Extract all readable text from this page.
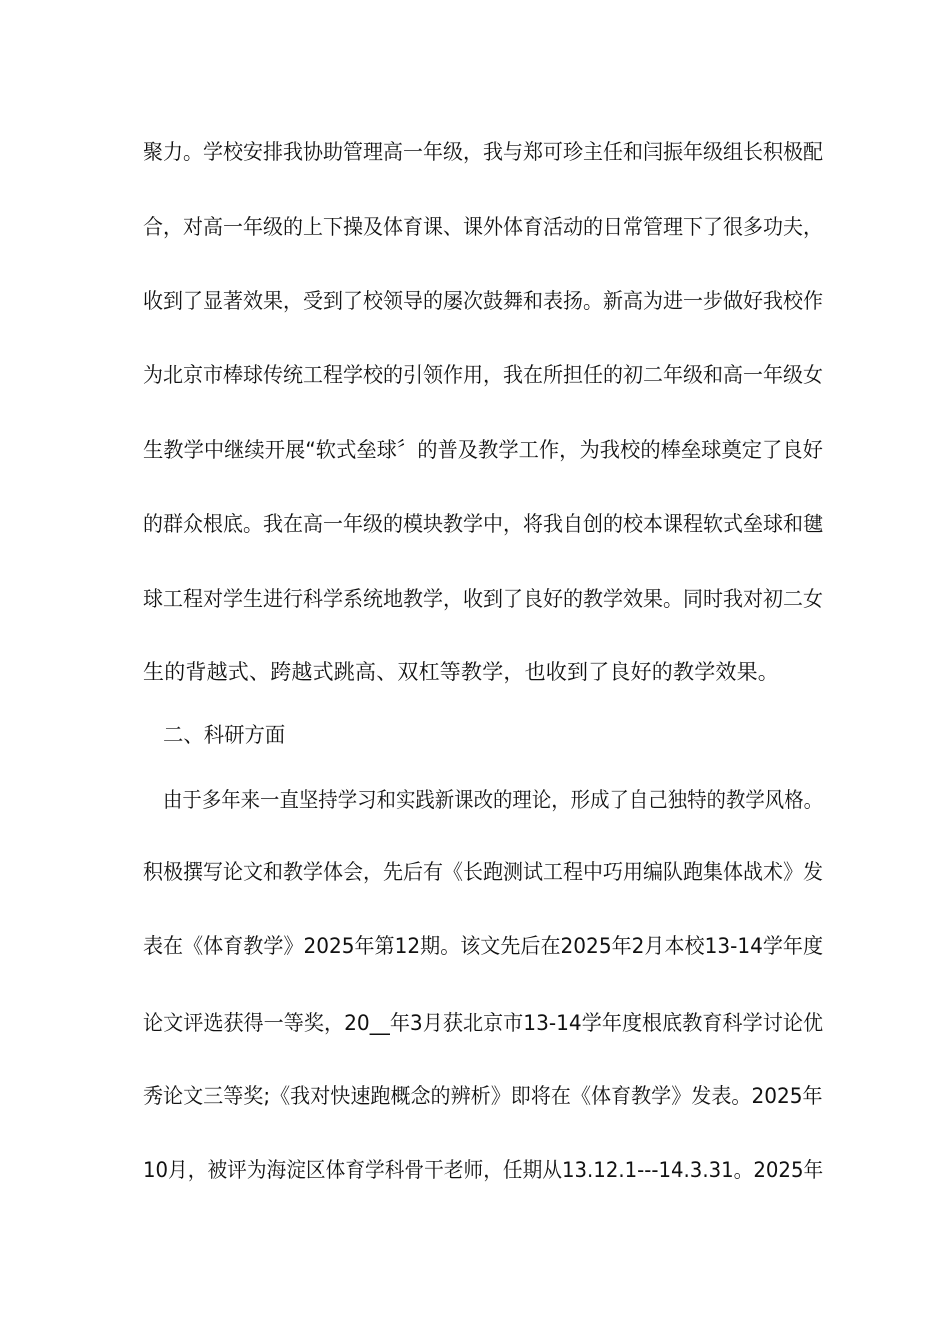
聚力。学校安排我协助管理高一年级，我与郑可珍主任和闫振年级组长积极配
合，对高一年级的上下操及体育课、课外体育活动的日常管理下了很多功夫，
收到了显著效果，受到了校领导的屡次鼓舞和表扬。新高为进一步做好我校作
为北京市棒球传统工程学校的引领作用，我在所担任的初二年级和高一年级女
生教学中继续开展“软式垒球〞的普及教学工作，为我校的棒垒球奠定了良好
的群众根底。我在高一年级的模块教学中，将我自创的校本课程软式垒球和毽
球工程对学生进行科学系统地教学，收到了良好的教学效果。同时我对初二女
生的背越式、跨越式跳高、双杠等教学，也收到了良好的教学效果。
二、科研方面
由于多年来一直坚持学习和实践新课改的理论，形成了自己独特的教学风格。
积极撰写论文和教学体会，先后有《长跑测试工程中巧用编队跑集体战术》发
表在《体育教学》2025年第12期。该文先后在2025年2月本校13-14学年度
论文评选获得一等奖，20__年3月获北京市13-14学年度根底教育科学讨论优
秀论文三等奖;《我对快速跑概念的辨析》即将在《体育教学》发表。2025年
10月，被评为海淀区体育学科骨干老师，任期从13.12.1---14.3.31。2025年
